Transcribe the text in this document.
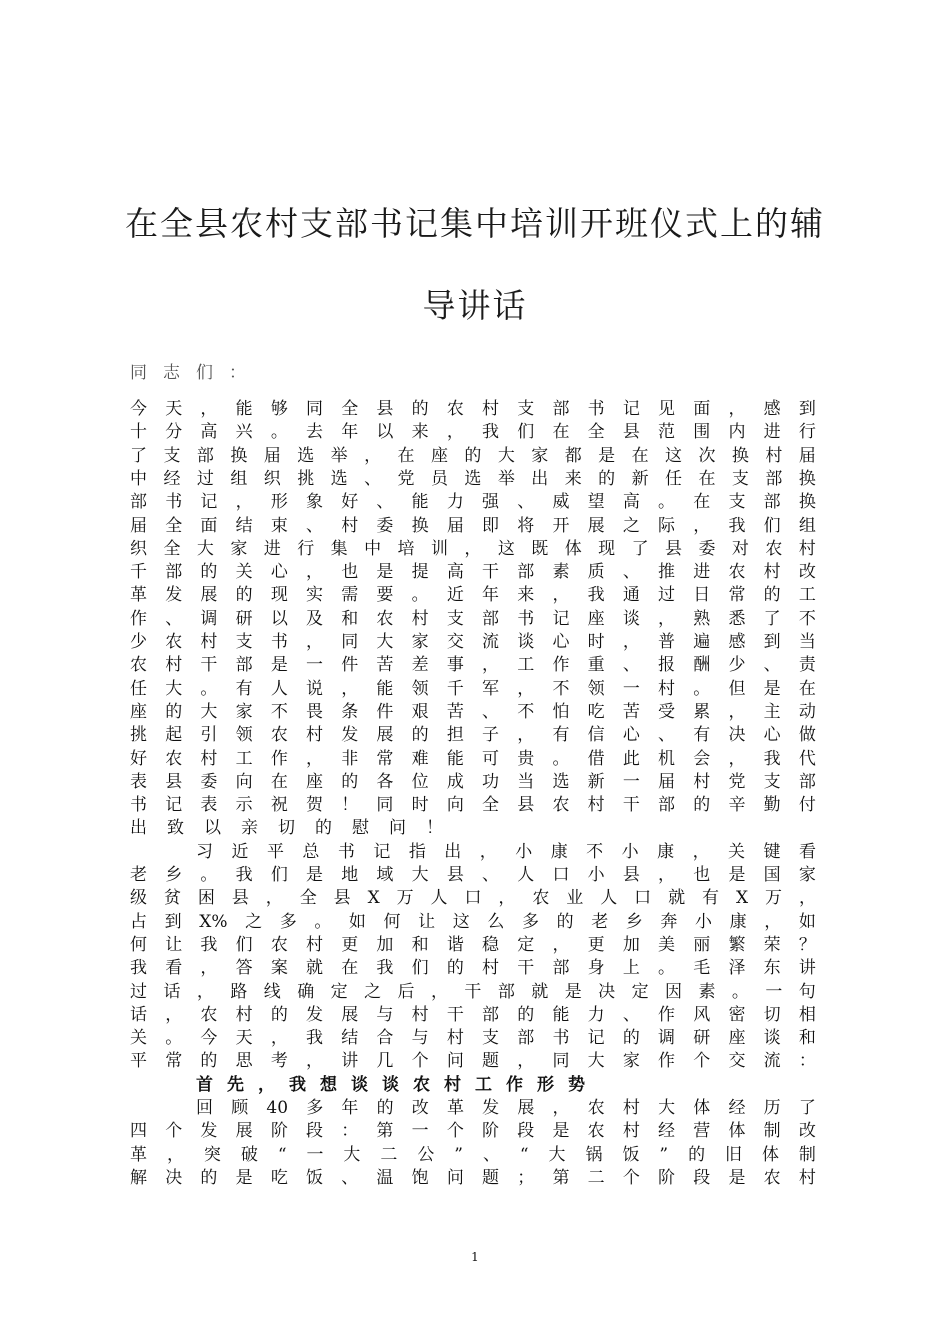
在全县农村支部书记集中培训开班仪式上的辅
导讲话
同 志 们 ：
今 天 ， 能 够 同 全 县 的 农 村 支 部 书 记 见 面 ， 感 到
十 分 高 兴 。 去 年 以 来 ， 我 们 在 全 县 范 围 内 进 行
了 支 部 换 届 选 举 ， 在 座 的 大 家 都 是 在 这 次 换 村 届
中 经 过 组 织 挑 选 、 党 员 选 举 出 来 的 新 任 在 支 部 换
部 书 记 ， 形 象 好 、 能 力 强 、 威 望 高 。 在 支 部 换
届 全 面 结 束 、 村 委 换 届 即 将 开 展 之 际 ， 我 们 组
织 全 大 家 进 行 集 中 培 训 ， 这 既 体 现 了 县 委 对 农 村
千 部 的 关 心 ， 也 是 提 高 干 部 素 质 、 推 进 农 村 改
革 发 展 的 现 实 需 要 。 近 年 来 ， 我 通 过 日 常 的 工
作 、 调 研 以 及 和 农 村 支 部 书 记 座 谈 ， 熟 悉 了 不
少 农 村 支 书 ， 同 大 家 交 流 谈 心 时 ， 普 遍 感 到 当
农 村 干 部 是 一 件 苦 差 事 ， 工 作 重 、 报 酬 少 、 责
任 大 。 有 人 说 ， 能 领 千 军 ， 不 领 一 村 。 但 是 在
座 的 大 家 不 畏 条 件 艰 苦 、 不 怕 吃 苦 受 累 ， 主 动
挑 起 引 领 农 村 发 展 的 担 子 ， 有 信 心 、 有 决 心 做
好 农 村 工 作 ， 非 常 难 能 可 贵 。 借 此 机 会 ， 我 代
表 县 委 向 在 座 的 各 位 成 功 当 选 新 一 届 村 党 支 部
书 记 表 示 祝 贺 ！ 同 时 向 全 县 农 村 干 部 的 辛 勤 付
出 致 以 亲 切 的 慰 问 ！
习 近 平 总 书 记 指 出 ， 小 康 不 小 康 ， 关 键 看
老 乡 。 我 们 是 地 域 大 县 、 人 口 小 县 ， 也 是 国 家
级 贫 困 县 ， 全 县 X 万 人 口 ， 农 业 人 口 就 有 X 万 ，
占 到 X% 之 多 。 如 何 让 这 么 多 的 老 乡 奔 小 康 ， 如
何 让 我 们 农 村 更 加 和 谐 稳 定 ， 更 加 美 丽 繁 荣 ？
我 看 ， 答 案 就 在 我 们 的 村 干 部 身 上 。 毛 泽 东 讲
过 话 ， 路 线 确 定 之 后 ， 干 部 就 是 决 定 因 素 。 一 句
话 ， 农 村 的 发 展 与 村 干 部 的 能 力 、 作 风 密 切 相
关 。 今 天 ， 我 结 合 与 村 支 部 书 记 的 调 研 座 谈 和
平 常 的 思 考 ， 讲 几 个 问 题 ， 同 大 家 作 个 交 流 ：
首 先 ， 我 想 谈 谈 农 村 工 作 形 势
回 顾 40 多 年 的 改 革 发 展 ， 农 村 大 体 经 历 了
四 个 发 展 阶 段 ： 第 一 个 阶 段 是 农 村 经 营 体 制 改
革 ， 突 破 “ 一 大 二 公 ” 、 “ 大 锅 饭 ” 的 旧 体 制
解 决 的 是 吃 饭 、 温 饱 问 题 ； 第 二 个 阶 段 是 农 村
1
